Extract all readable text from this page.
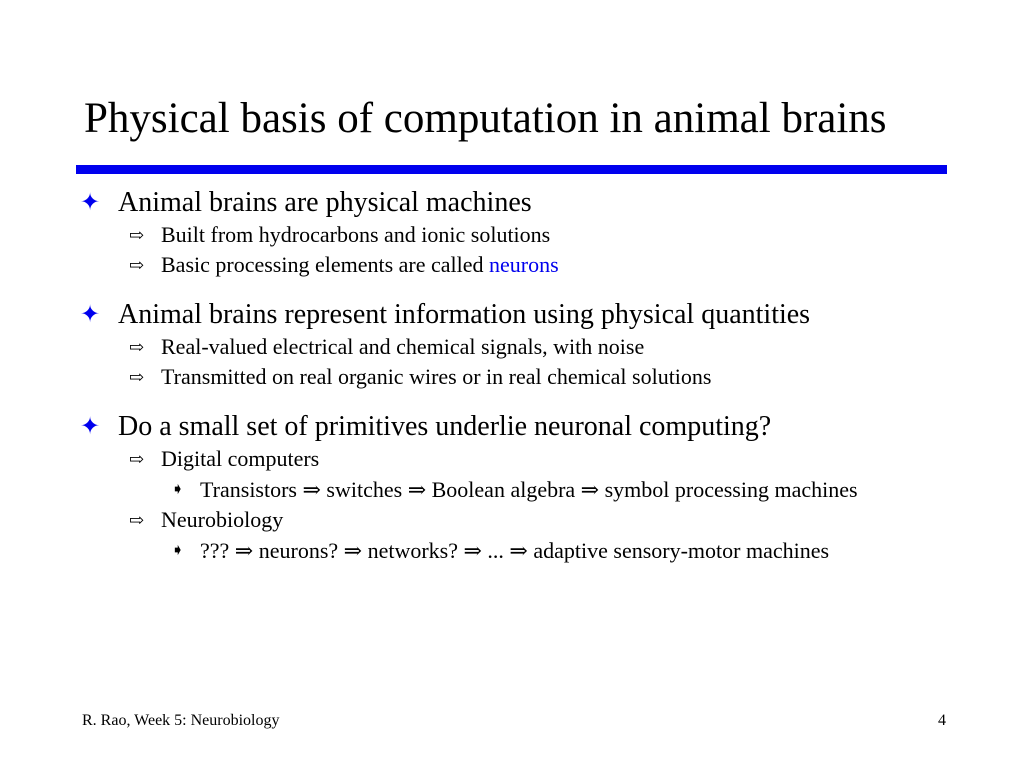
Physical basis of computation in animal brains
✦ Animal brains are physical machines
⇨ Built from hydrocarbons and ionic solutions
⇨ Basic processing elements are called neurons
✦ Animal brains represent information using physical quantities
⇨ Real-valued electrical and chemical signals, with noise
⇨ Transmitted on real organic wires or in real chemical solutions
✦ Do a small set of primitives underlie neuronal computing?
⇨ Digital computers
➧ Transistors ⇒ switches ⇒ Boolean algebra ⇒ symbol processing machines
⇨ Neurobiology
➧ ??? ⇒ neurons? ⇒ networks? ⇒ ... ⇒ adaptive sensory-motor machines
R. Rao, Week 5: Neurobiology	4
